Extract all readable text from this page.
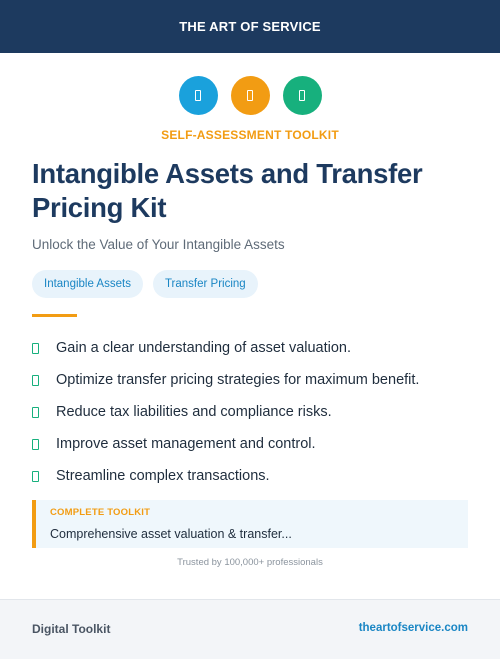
THE ART OF SERVICE
SELF-ASSESSMENT TOOLKIT
Intangible Assets and Transfer Pricing Kit
Unlock the Value of Your Intangible Assets
Intangible Assets	Transfer Pricing
Gain a clear understanding of asset valuation.
Optimize transfer pricing strategies for maximum benefit.
Reduce tax liabilities and compliance risks.
Improve asset management and control.
Streamline complex transactions.
COMPLETE TOOLKIT
Comprehensive asset valuation & transfer...
Trusted by 100,000+ professionals
Digital Toolkit	theartofservice.com
